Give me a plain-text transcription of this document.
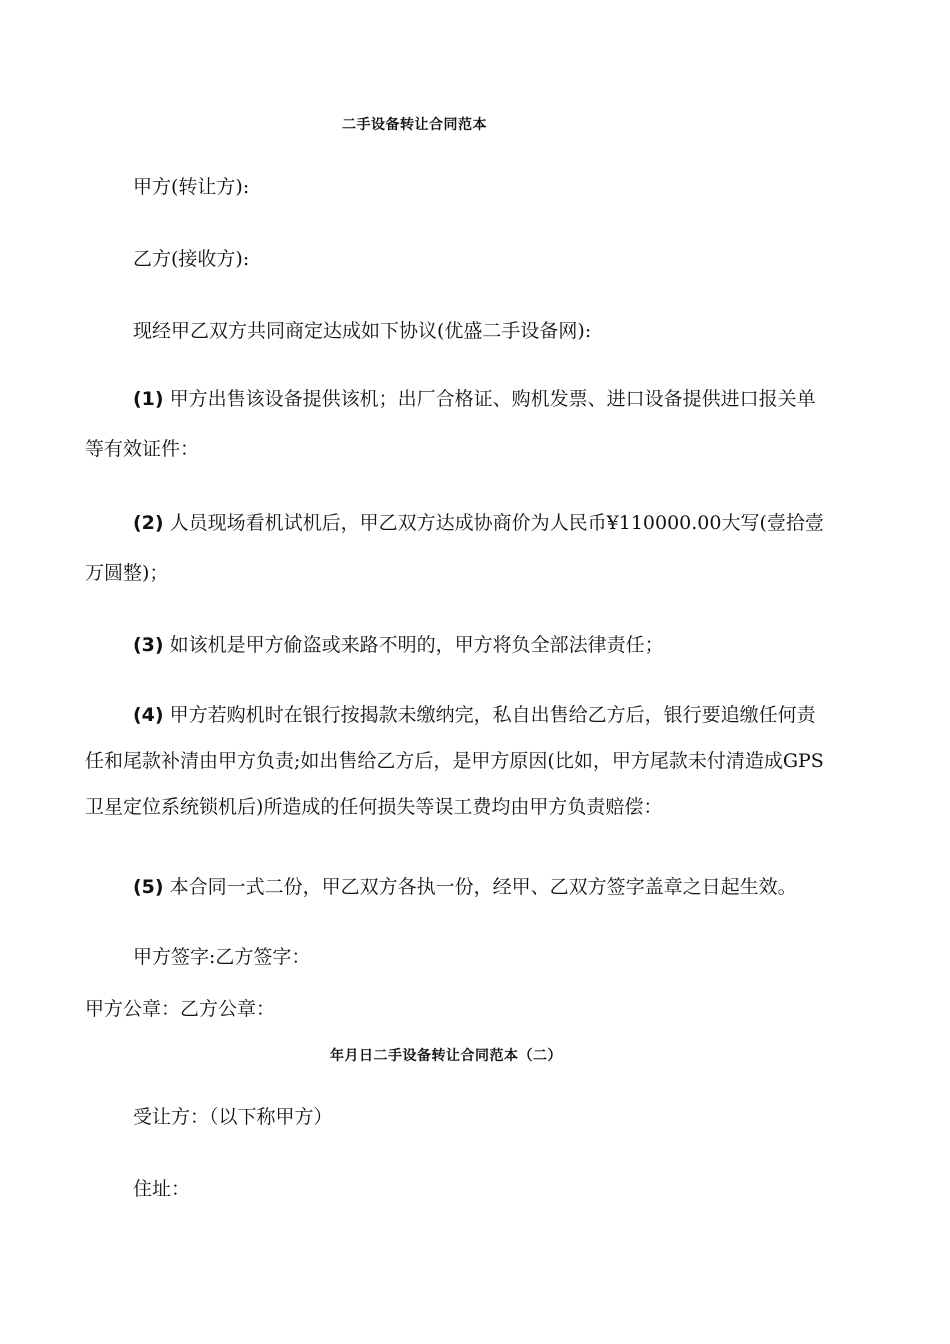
二手设备转让合同范本
甲方(转让方):
乙方(接收方):
现经甲乙双方共同商定达成如下协议(优盛二手设备网):
(1) 甲方出售该设备提供该机；出厂合格证、购机发票、进口设备提供进口报关单
等有效证件：
(2) 人员现场看机试机后，甲乙双方达成协商价为人民币¥110000.00大写(壹拾壹
万圆整)；
(3) 如该机是甲方偷盗或来路不明的，甲方将负全部法律责任；
(4) 甲方若购机时在银行按揭款未缴纳完，私自出售给乙方后，银行要追缴任何责
任和尾款补清由甲方负责;如出售给乙方后，是甲方原因(比如，甲方尾款未付清造成GPS
卫星定位系统锁机后)所造成的任何损失等误工费均由甲方负责赔偿：
(5) 本合同一式二份，甲乙双方各执一份，经甲、乙双方签字盖章之日起生效。
甲方签字:乙方签字：
甲方公章：乙方公章：
年月日二手设备转让合同范本（二）
受让方：（以下称甲方）
住址：
